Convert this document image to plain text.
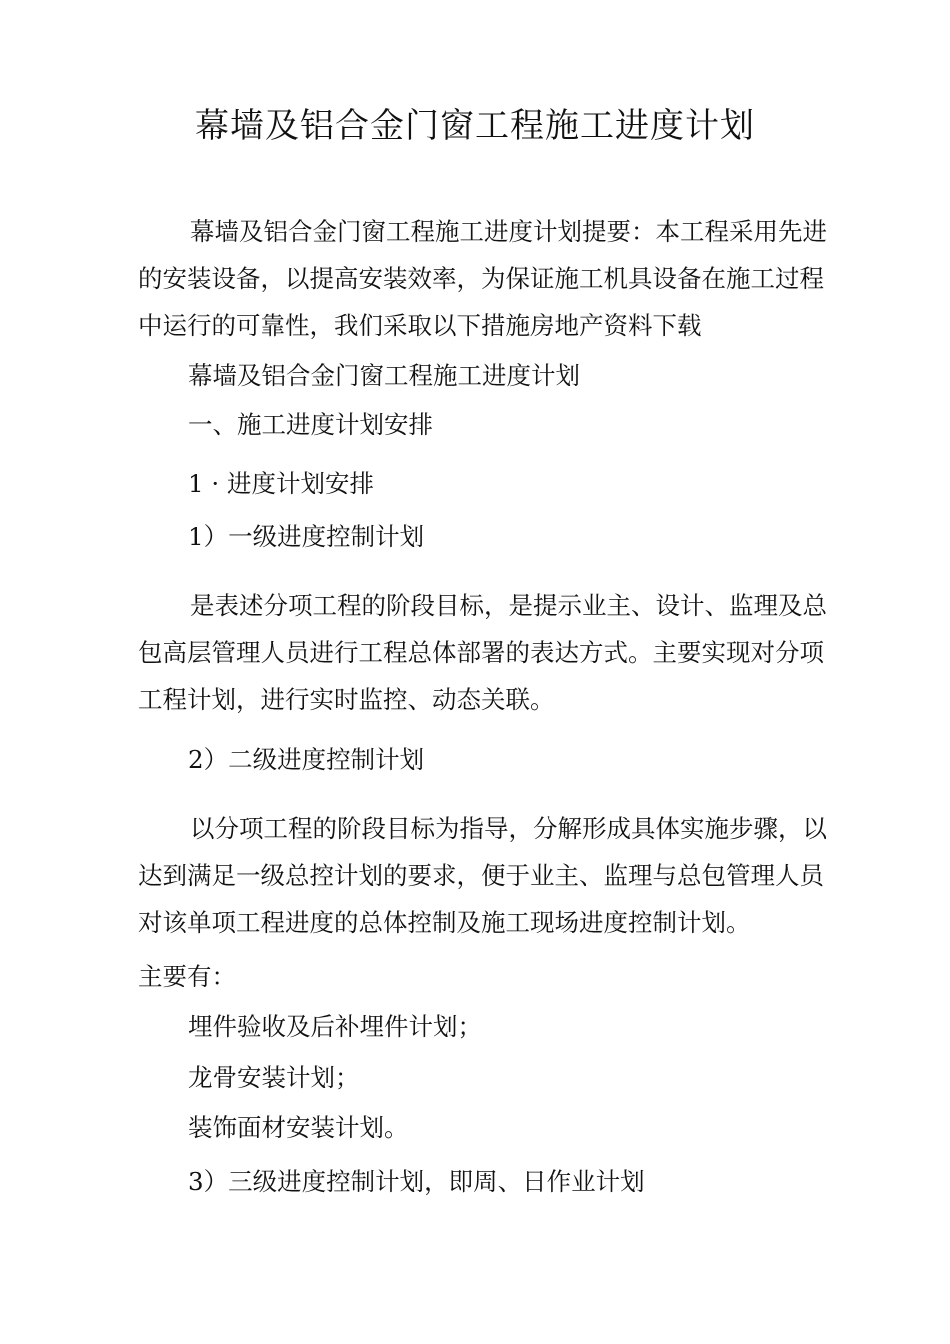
幕墙及铝合金门窗工程施工进度计划

幕墙及铝合金门窗工程施工进度计划提要：本工程采用先进的安装设备，以提高安装效率，为保证施工机具设备在施工过程中运行的可靠性，我们采取以下措施房地产资料下载

幕墙及铝合金门窗工程施工进度计划
一、施工进度计划安排
1 · 进度计划安排
1）一级进度控制计划

是表述分项工程的阶段目标，是提示业主、设计、监理及总包高层管理人员进行工程总体部署的表达方式。主要实现对分项工程计划，进行实时监控、动态关联。

2）二级进度控制计划

以分项工程的阶段目标为指导，分解形成具体实施步骤，以达到满足一级总控计划的要求，便于业主、监理与总包管理人员对该单项工程进度的总体控制及施工现场进度控制计划。

主要有：
埋件验收及后补埋件计划；
龙骨安装计划；
装饰面材安装计划。
3）三级进度控制计划，即周、日作业计划
